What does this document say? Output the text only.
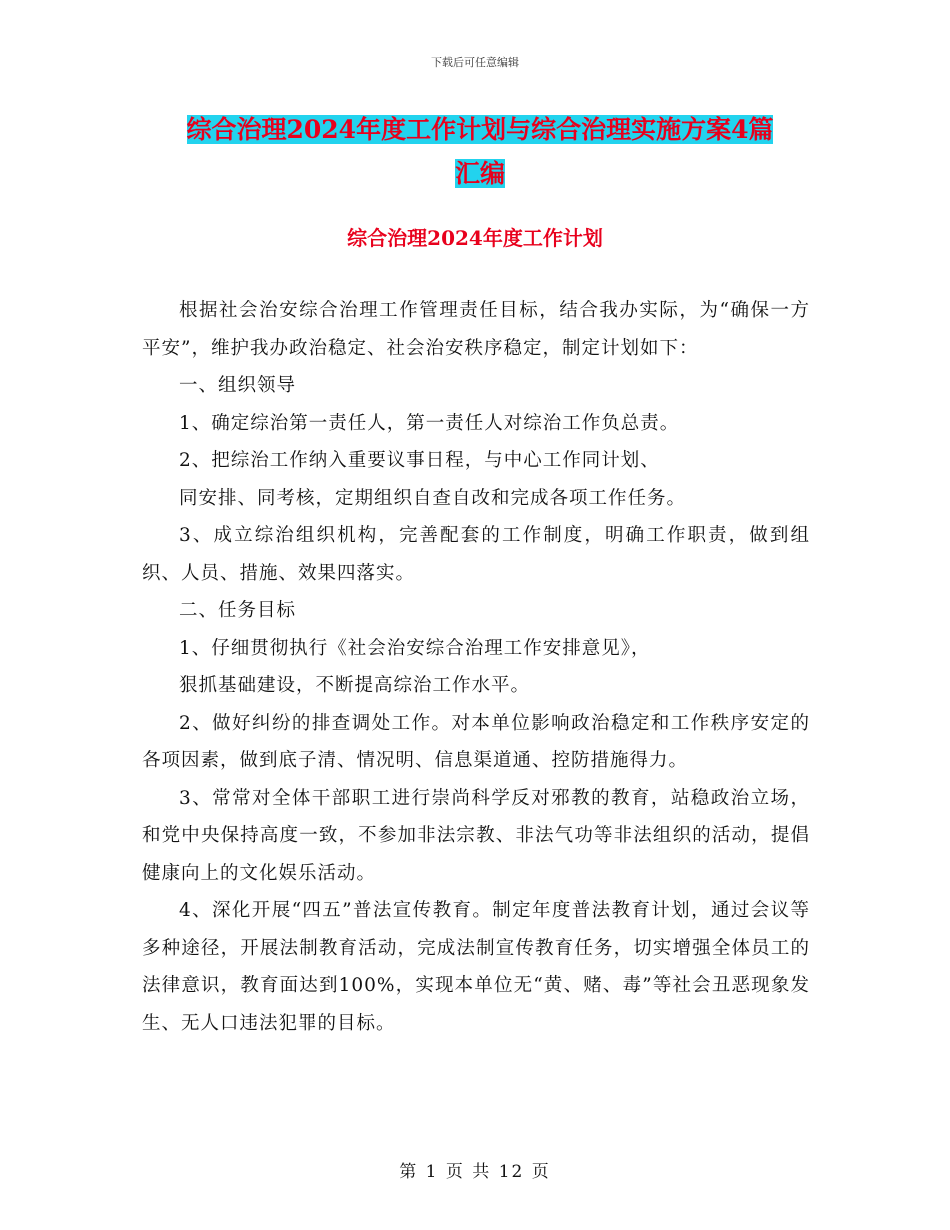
下载后可任意编辑
综合治理2024年度工作计划与综合治理实施方案4篇
汇编
综合治理2024年度工作计划

根据社会治安综合治理工作管理责任目标，结合我办实际，为“确保一方平安”，维护我办政治稳定、社会治安秩序稳定，制定计划如下：

一、组织领导

1、确定综治第一责任人，第一责任人对综治工作负总责。

2、把综治工作纳入重要议事日程，与中心工作同计划、

同安排、同考核，定期组织自查自改和完成各项工作任务。

3、成立综治组织机构，完善配套的工作制度，明确工作职责，做到组织、人员、措施、效果四落实。

二、任务目标

1、仔细贯彻执行《社会治安综合治理工作安排意见》，

狠抓基础建设，不断提高综治工作水平。

2、做好纠纷的排查调处工作。对本单位影响政治稳定和工作秩序安定的各项因素，做到底子清、情况明、信息渠道通、控防措施得力。

3、常常对全体干部职工进行崇尚科学反对邪教的教育，站稳政治立场，和党中央保持高度一致，不参加非法宗教、非法气功等非法组织的活动，提倡健康向上的文化娱乐活动。

4、深化开展“四五”普法宣传教育。制定年度普法教育计划，通过会议等多种途径，开展法制教育活动，完成法制宣传教育任务，切实增强全体员工的法律意识，教育面达到100%，实现本单位无“黄、赌、毒”等社会丑恶现象发生、无人口违法犯罪的目标。

第 1 页 共 12 页
